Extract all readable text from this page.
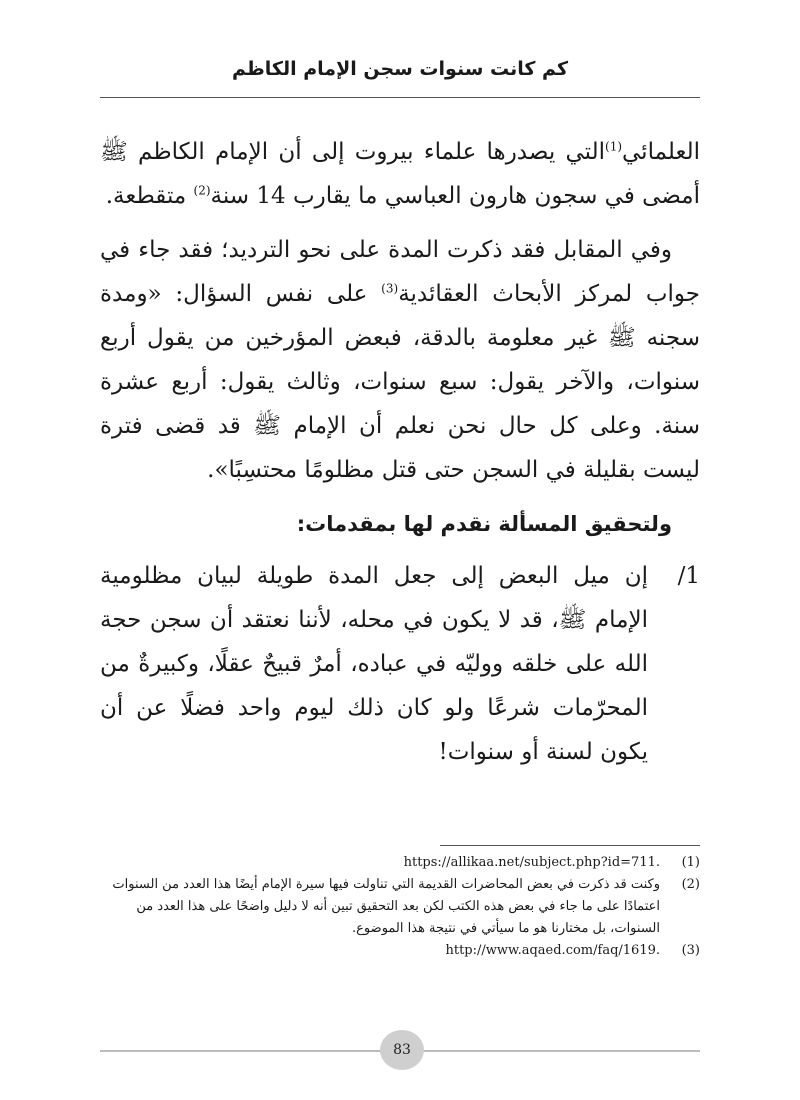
كم كانت سنوات سجن الإمام الكاظم

العلمائي$^{(1)}$التي يصدرها علماء بيروت إلى أن الإمام الكاظم ﷺ أمضى في سجون هارون العباسي ما يقارب 14 سنة$^{(2)}$ متقطعة.

وفي المقابل فقد ذكرت المدة على نحو الترديد؛ فقد جاء في جواب لمركز الأبحاث العقائدية$^{(3)}$ على نفس السؤال: «ومدة سجنه ﷺ غير معلومة بالدقة، فبعض المؤرخين من يقول أربع سنوات، والآخر يقول: سبع سنوات، وثالث يقول: أربع عشرة سنة. وعلى كل حال نحن نعلم أن الإمام ﷺ قد قضى فترة ليست بقليلة في السجن حتى قتل مظلومًا محتسِبًا».

ولتحقيق المسألة نقدم لها بمقدمات:
1/
إن ميل البعض إلى جعل المدة طويلة لبيان مظلومية الإمام ﷺ، قد لا يكون في محله، لأننا نعتقد أن سجن حجة الله على خلقه ووليّه في عباده، أمرٌ قبيحٌ عقلًا، وكبيرةٌ من المحرّمات شرعًا ولو كان ذلك ليوم واحد فضلًا عن أن يكون لسنة أو سنوات!
(1)
https://allikaa.net/subject.php?id=711.
(2)
وكنت قد ذكرت في بعض المحاضرات القديمة التي تناولت فيها سيرة الإمام أيضًا هذا العدد من السنوات اعتمادًا على ما جاء في بعض هذه الكتب لكن بعد التحقيق تبين أنه لا دليل واضحًا على هذا العدد من السنوات، بل مختارنا هو ما سيأتي في نتيجة هذا الموضوع.
(3)
http://www.aqaed.com/faq/1619.
83
